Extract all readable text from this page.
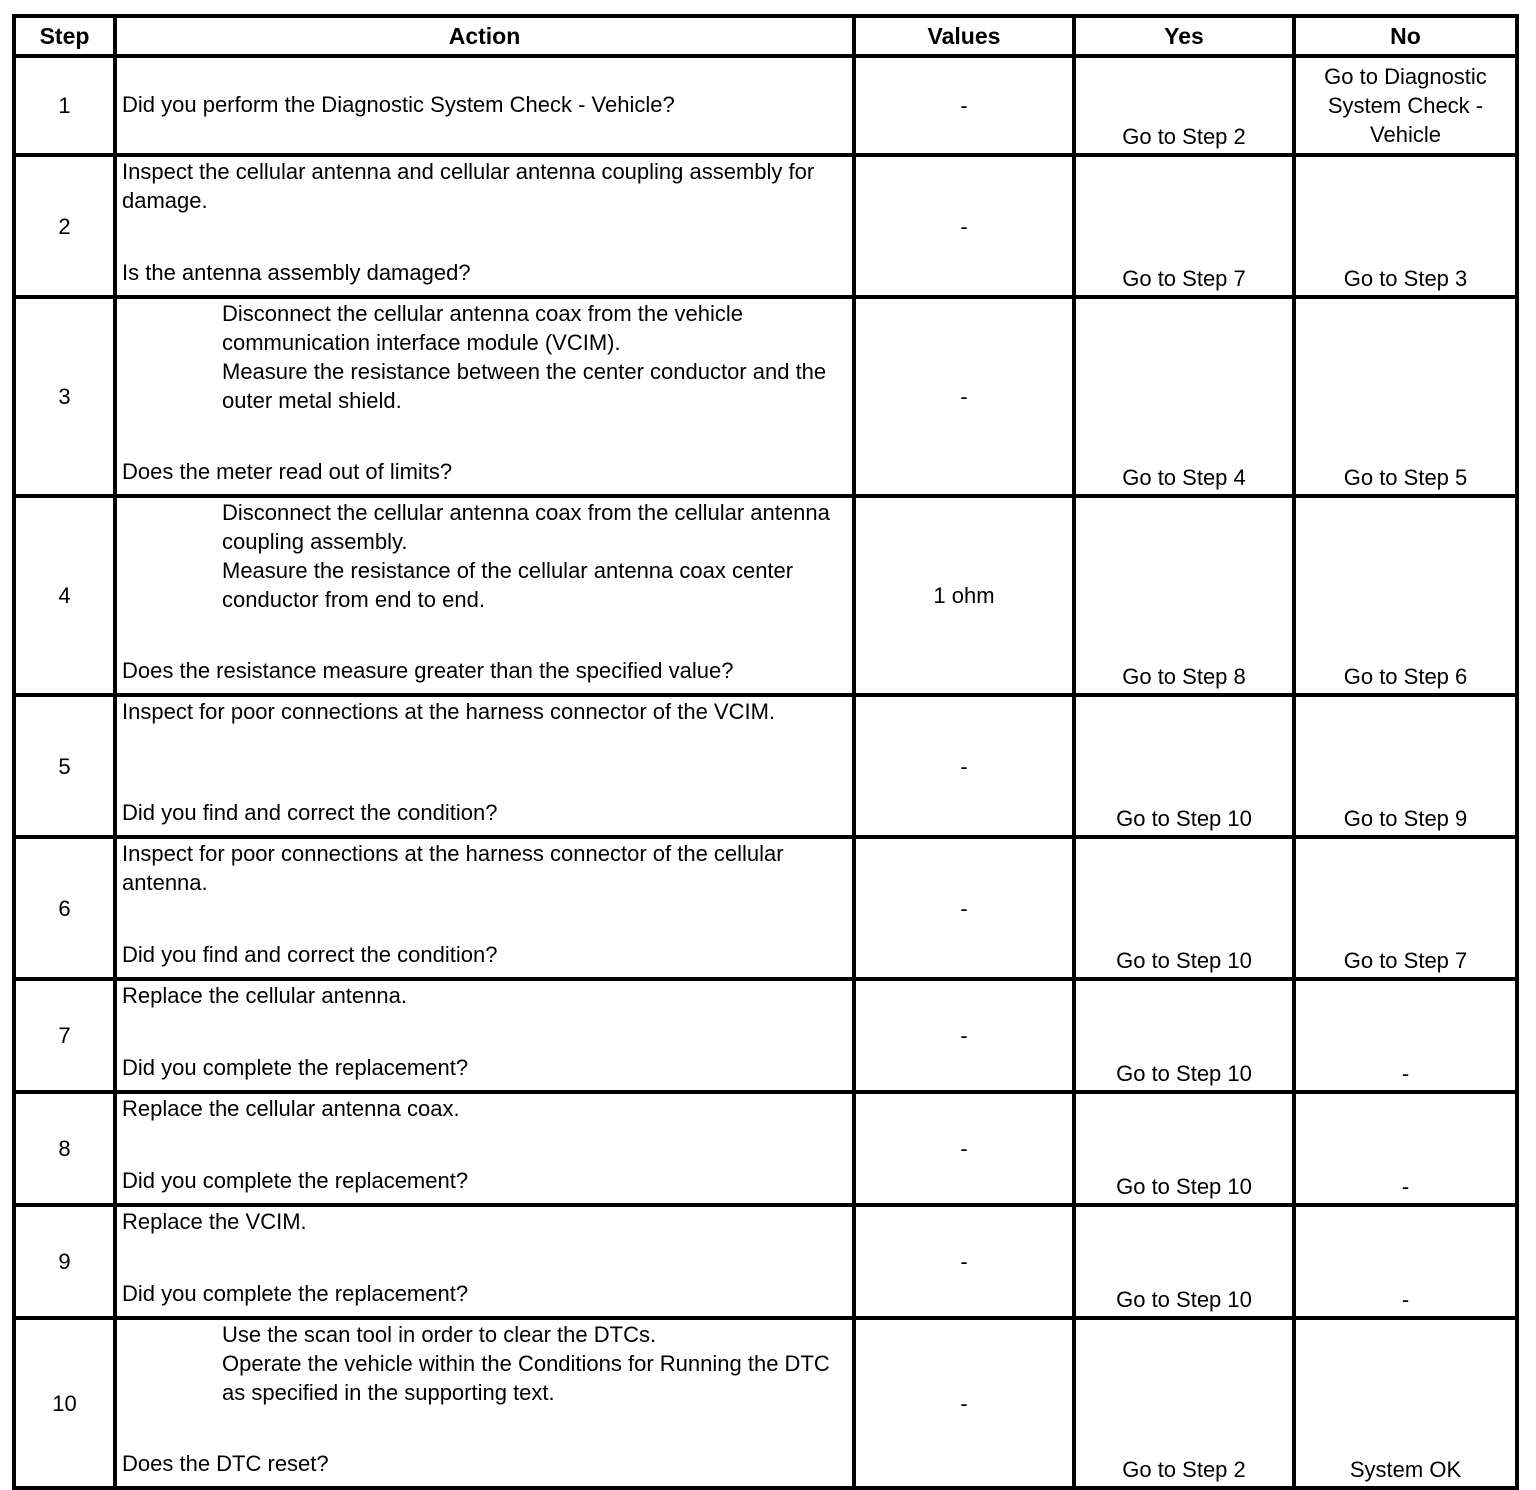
Step	Action	Values	Yes	No
1	Did you perform the Diagnostic System Check - Vehicle?	-	Go to Step 2	Go to Diagnostic System Check - Vehicle
2	Inspect the cellular antenna and cellular antenna coupling assembly for damage.
Is the antenna assembly damaged?	-	Go to Step 7	Go to Step 3
3	Disconnect the cellular antenna coax from the vehicle communication interface module (VCIM).
Measure the resistance between the center conductor and the outer metal shield.
Does the meter read out of limits?	-	Go to Step 4	Go to Step 5
4	Disconnect the cellular antenna coax from the cellular antenna coupling assembly.
Measure the resistance of the cellular antenna coax center conductor from end to end.
Does the resistance measure greater than the specified value?	1 ohm	Go to Step 8	Go to Step 6
5	Inspect for poor connections at the harness connector of the VCIM.
Did you find and correct the condition?	-	Go to Step 10	Go to Step 9
6	Inspect for poor connections at the harness connector of the cellular antenna.
Did you find and correct the condition?	-	Go to Step 10	Go to Step 7
7	Replace the cellular antenna.
Did you complete the replacement?	-	Go to Step 10	-
8	Replace the cellular antenna coax.
Did you complete the replacement?	-	Go to Step 10	-
9	Replace the VCIM.
Did you complete the replacement?	-	Go to Step 10	-
10	Use the scan tool in order to clear the DTCs.
Operate the vehicle within the Conditions for Running the DTC as specified in the supporting text.
Does the DTC reset?	-	Go to Step 2	System OK
